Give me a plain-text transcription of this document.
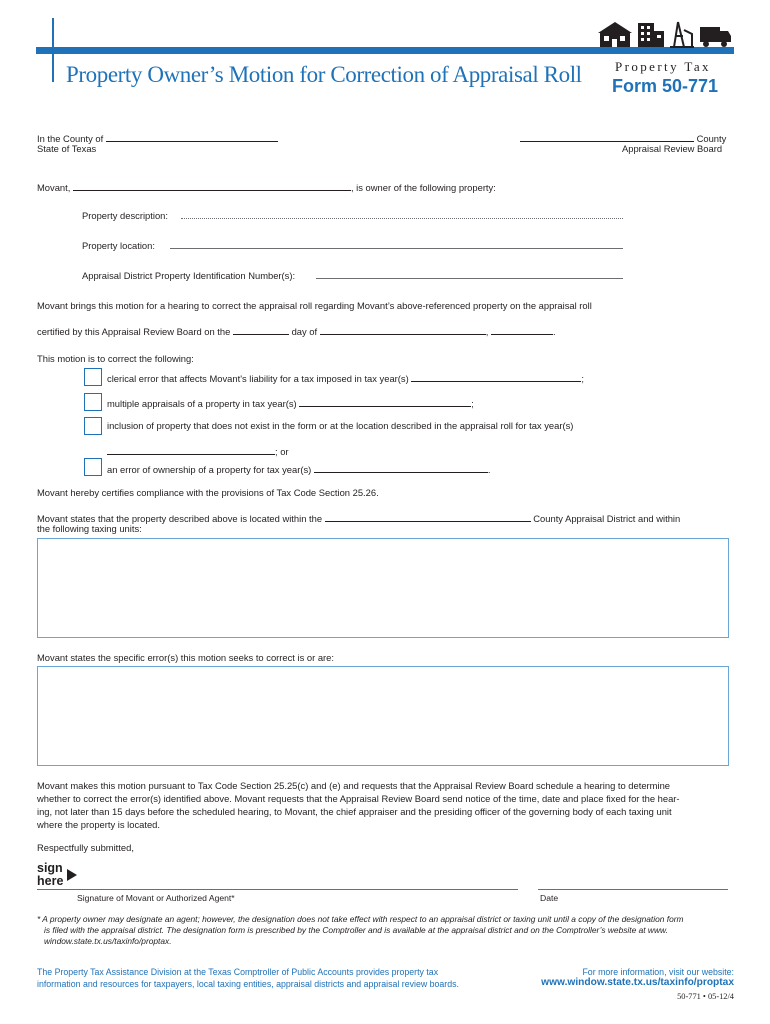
Property Owner’s Motion for Correction of Appraisal Roll	Property Tax
Form 50-771
In the County of
State of Texas
County
Appraisal Review Board
Movant,	, is owner of the following property:
Property description:
Property location:
Appraisal District Property Identification Number(s):
Movant brings this motion for a hearing to correct the appraisal roll regarding Movant’s above-referenced property on the appraisal roll
certified by this Appraisal Review Board on the	day of	,	.
This motion is to correct the following:
clerical error that affects Movant's liability for a tax imposed in tax year(s)	;
multiple appraisals of a property in tax year(s)	;
inclusion of property that does not exist in the form or at the location described in the appraisal roll for tax year(s)
; or
an error of ownership of a property for tax year(s)	.
Movant hereby certifies compliance with the provisions of Tax Code Section 25.26.
Movant states that the property described above is located within the	County Appraisal District and within
the following taxing units:
Movant states the specific error(s) this motion seeks to correct is or are:
Movant makes this motion pursuant to Tax Code Section 25.25(c) and (e) and requests that the Appraisal Review Board schedule a hearing to determine
whether to correct the error(s) identified above. Movant requests that the Appraisal Review Board send notice of the time, date and place fixed for the hear-
ing, not later than 15 days before the scheduled hearing, to Movant, the chief appraiser and the presiding officer of the governing body of each taxing unit
where the property is located.
Respectfully submitted,
sign
here
Signature of Movant or Authorized Agent*	Date
* A property owner may designate an agent; however, the designation does not take effect with respect to an appraisal district or taxing unit until a copy of the designation form
is filed with the appraisal district. The designation form is prescribed by the Comptroller and is available at the appraisal district and on the Comptroller’s website at www.
window.state.tx.us/taxinfo/proptax.
The Property Tax Assistance Division at the Texas Comptroller of Public Accounts provides property tax
information and resources for taxpayers, local taxing entities, appraisal districts and appraisal review boards.
For more information, visit our website:
www.window.state.tx.us/taxinfo/proptax
50-771 • 05-12/4
